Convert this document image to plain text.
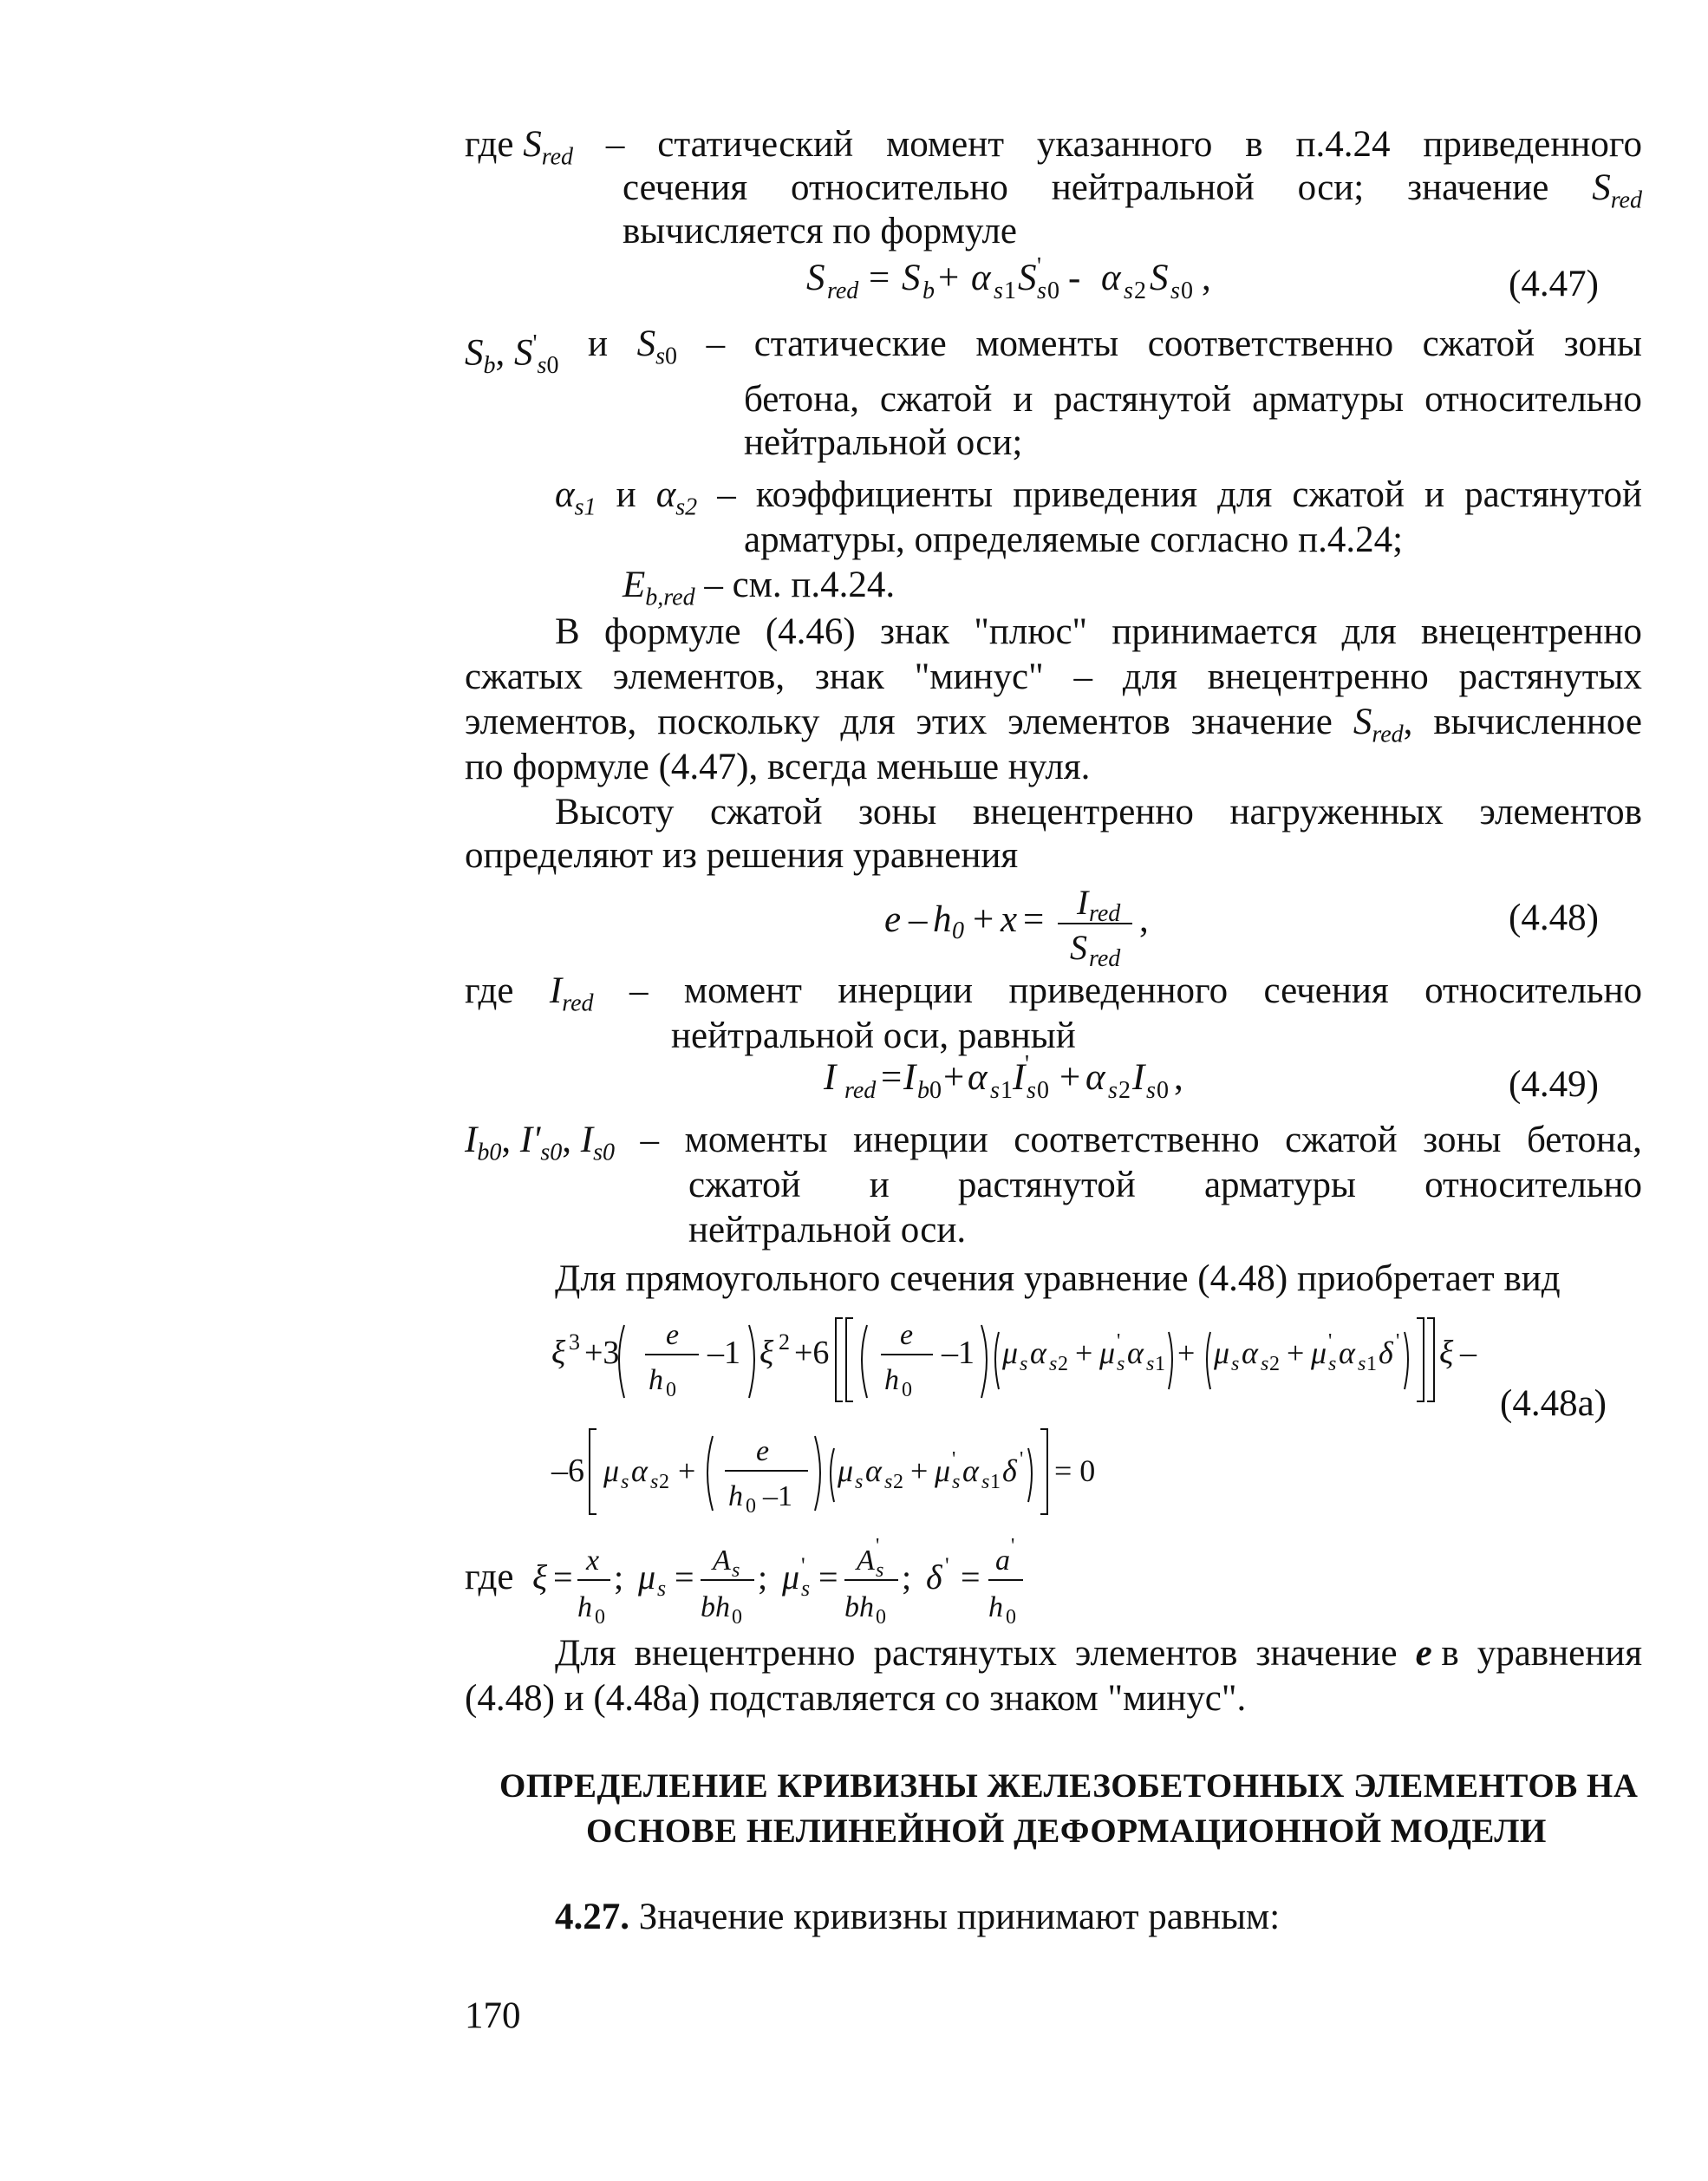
где $S_{red}$ – статический момент указанного в п.4.24 приведенного
сечения относительно нейтральной оси; значение $S_{red}$
вычисляется по формуле
S red = S b + α s 1 S '
s 0 - α s 2 S s 0 ,	(4.47)
$S_b$, $S'_{s0}$
и $S_{s0}$ – статические моменты соответственно сжатой зоны
бетона, сжатой и растянутой арматуры относительно
нейтральной оси;
$\alpha_{s1}$ и $\alpha_{s2}$ – коэффициенты приведения для сжатой и растянутой
арматуры, определяемые согласно п.4.24;
$E_{b,red}$ – см. п.4.24.
В формуле (4.46) знак "плюс" принимается для внецентренно
сжатых элементов, знак "минус" – для внецентренно растянутых
элементов, поскольку для этих элементов значение $S_{red}$, вычисленное
по формуле (4.47), всегда меньше нуля.
Высоту сжатой зоны внецентренно нагруженных элементов
определяют из решения уравнения
e – h 0 + x = I red
S red
,	(4.48)
где $I_{red}$ – момент инерции приведенного сечения относительно
нейтральной оси, равный
I red = I b 0 + α s 1 I '
s 0 + α s 2 I s 0 ,	(4.49)
$I_{b0}$, $I'_{s0}$, $I_{s0}$ – моменты инерции соответственно сжатой зоны бетона,
сжатой и растянутой арматуры относительно
нейтральной оси.
Для прямоугольного сечения уравнение (4.48) приобретает вид
ξ 3 +3 e
h 0
–1 ξ 2 +6 e
h 0
–1 μ s α s 2 + μ '
s α s 1 + μ s α s 2 + μ '
s α s 1 δ ' ξ –
–6 μ s α s 2 +
e
h 0 –1
μ s α s 2 + μ '
s α s 1 δ ' = 0
(4.48а)
где ξ = x
h 0
; μ s = A s
bh 0
; μ '
s = A '
s
bh 0
; δ ' = a '
h 0
Для внецентренно растянутых элементов значение e в уравнения
(4.48) и (4.48а) подставляется со знаком "минус".
ОПРЕДЕЛЕНИЕ КРИВИЗНЫ ЖЕЛЕЗОБЕТОННЫХ ЭЛЕМЕНТОВ НА
ОСНОВЕ НЕЛИНЕЙНОЙ ДЕФОРМАЦИОННОЙ МОДЕЛИ
4.27. Значение кривизны принимают равным:
170
